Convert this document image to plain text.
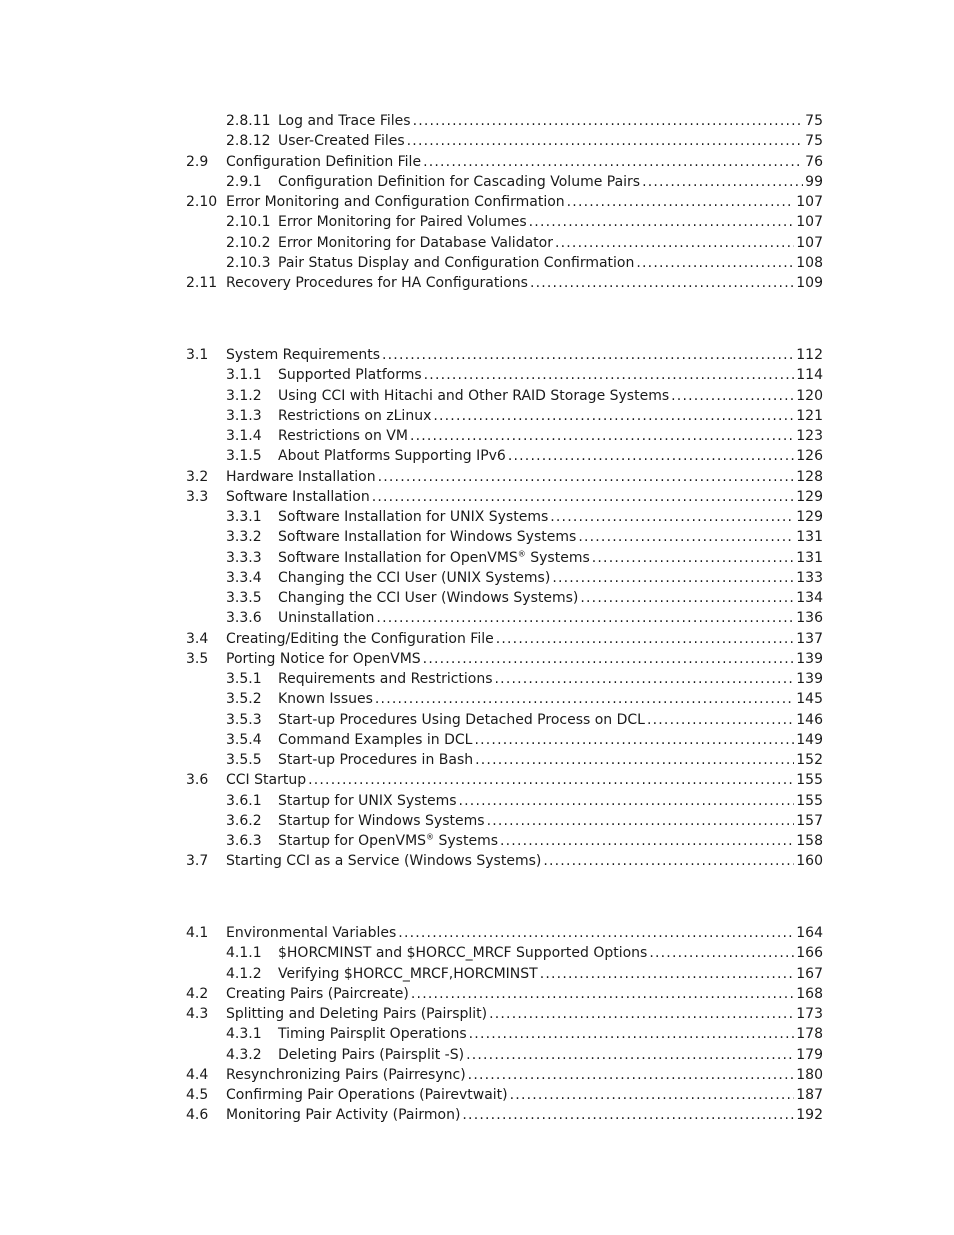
2.8.11 Log and Trace Files .....	75
2.8.12 User-Created Files .....	75
2.9	Configuration Definition File .....	76
2.9.1	Configuration Definition for Cascading Volume Pairs .....	99
2.10 Error Monitoring and Configuration Confirmation .....	107
2.10.1 Error Monitoring for Paired Volumes .....	107
2.10.2 Error Monitoring for Database Validator .....	107
2.10.3 Pair Status Display and Configuration Confirmation .....	108
2.11 Recovery Procedures for HA Configurations .....	109
3.1	System Requirements .....	112
3.1.1	Supported Platforms .....	114
3.1.2	Using CCI with Hitachi and Other RAID Storage Systems .....	120
3.1.3	Restrictions on zLinux .....	121
3.1.4	Restrictions on VM .....	123
3.1.5	About Platforms Supporting IPv6 .....	126
3.2	Hardware Installation .....	128
3.3	Software Installation .....	129
3.3.1	Software Installation for UNIX Systems .....	129
3.3.2	Software Installation for Windows Systems .....	131
3.3.3	Software Installation for OpenVMS® Systems .....	131
3.3.4	Changing the CCI User (UNIX Systems) .....	133
3.3.5	Changing the CCI User (Windows Systems) .....	134
3.3.6	Uninstallation .....	136
3.4	Creating/Editing the Configuration File .....	137
3.5	Porting Notice for OpenVMS .....	139
3.5.1	Requirements and Restrictions .....	139
3.5.2	Known Issues .....	145
3.5.3	Start-up Procedures Using Detached Process on DCL .....	146
3.5.4	Command Examples in DCL .....	149
3.5.5	Start-up Procedures in Bash .....	152
3.6	CCI Startup .....	155
3.6.1	Startup for UNIX Systems .....	155
3.6.2	Startup for Windows Systems .....	157
3.6.3	Startup for OpenVMS® Systems .....	158
3.7	Starting CCI as a Service (Windows Systems) .....	160
4.1	Environmental Variables .....	164
4.1.1	$HORCMINST and $HORCC_MRCF Supported Options .....	166
4.1.2	Verifying $HORCC_MRCF,HORCMINST .....	167
4.2	Creating Pairs (Paircreate) .....	168
4.3	Splitting and Deleting Pairs (Pairsplit) .....	173
4.3.1	Timing Pairsplit Operations .....	178
4.3.2	Deleting Pairs (Pairsplit -S) .....	179
4.4	Resynchronizing Pairs (Pairresync) .....	180
4.5	Confirming Pair Operations (Pairevtwait) .....	187
4.6	Monitoring Pair Activity (Pairmon) .....	192
